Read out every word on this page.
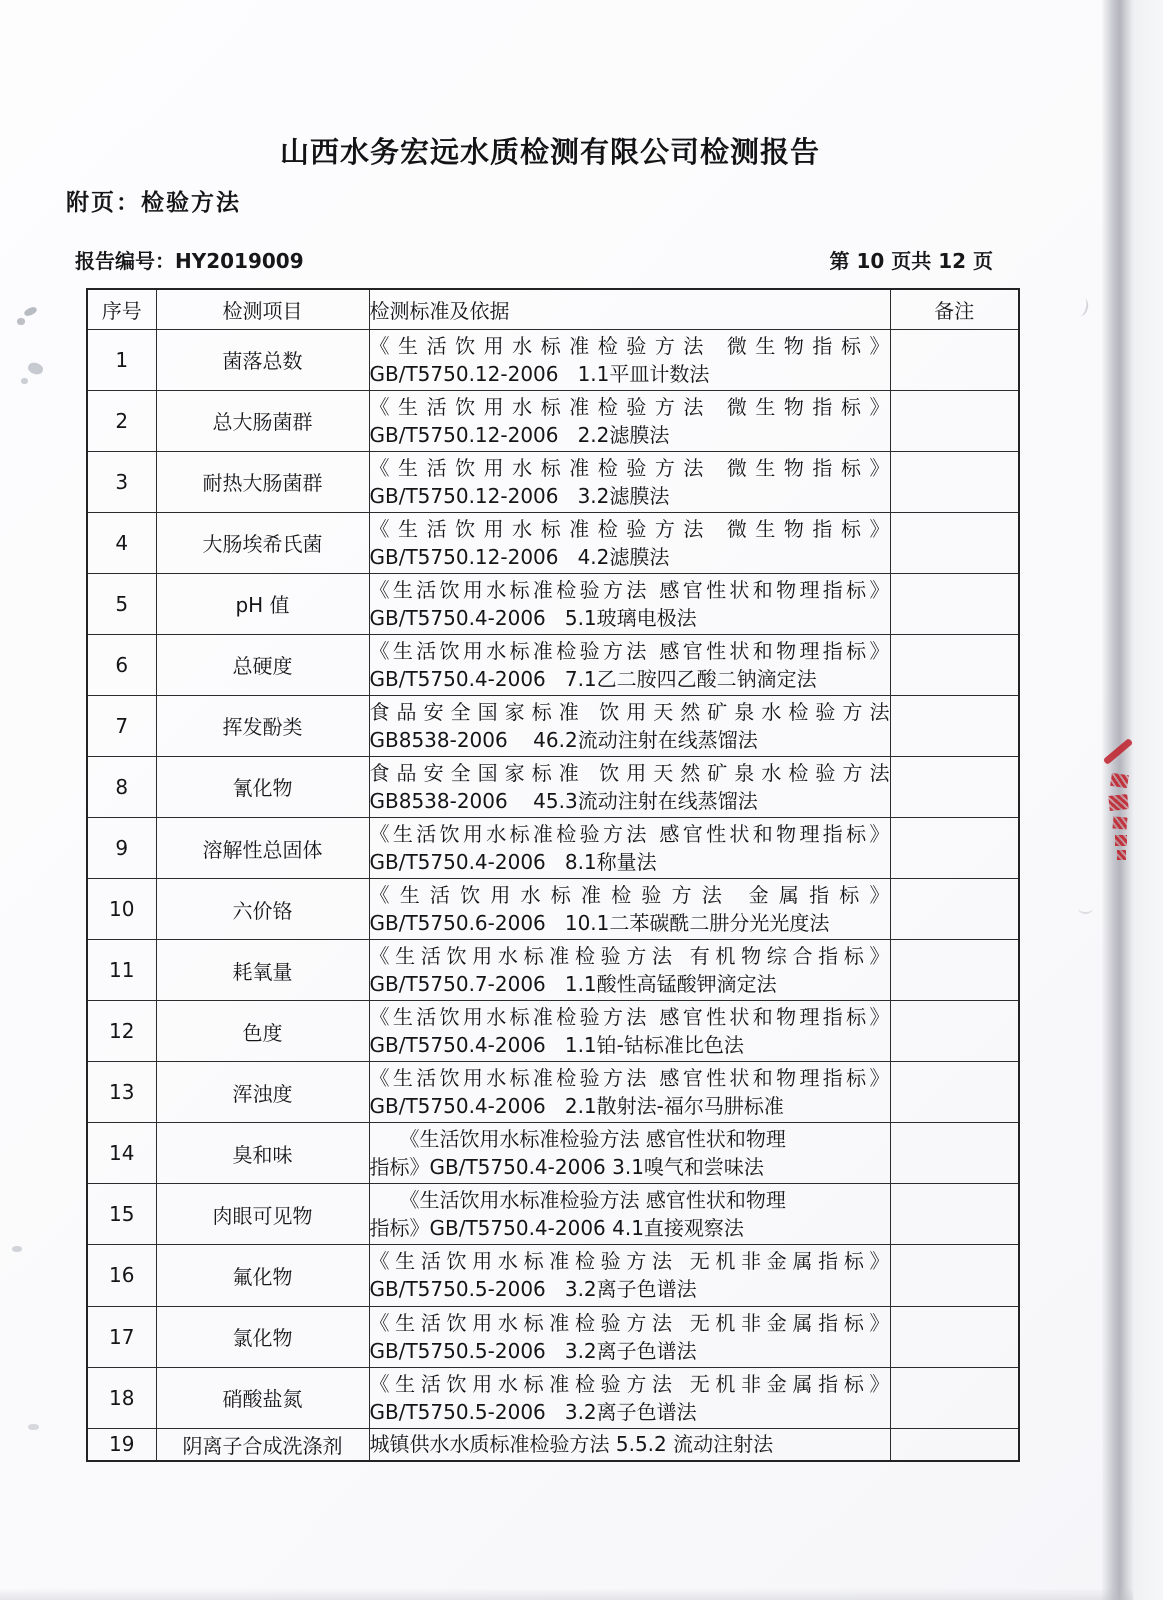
山西水务宏远水质检测有限公司检测报告
附页：检验方法
报告编号：HY2019009	第 10 页共 12 页
序号	检测项目	检测标准及依据	备注
1	菌落总数	《生活饮用水标准检验方法 微生物指标》
GB/T5750.12-2006   1.1平皿计数法	

2	总大肠菌群	《生活饮用水标准检验方法 微生物指标》
GB/T5750.12-2006   2.2滤膜法	

3	耐热大肠菌群	《生活饮用水标准检验方法 微生物指标》
GB/T5750.12-2006   3.2滤膜法	

4	大肠埃希氏菌	《生活饮用水标准检验方法 微生物指标》
GB/T5750.12-2006   4.2滤膜法	

5	pH 值	《生活饮用水标准检验方法 感官性状和物理指标》
GB/T5750.4-2006   5.1玻璃电极法	

6	总硬度	《生活饮用水标准检验方法 感官性状和物理指标》
GB/T5750.4-2006   7.1乙二胺四乙酸二钠滴定法	

7	挥发酚类	食品安全国家标准 饮用天然矿泉水检验方法
GB8538-2006    46.2流动注射在线蒸馏法	

8	氰化物	食品安全国家标准 饮用天然矿泉水检验方法
GB8538-2006    45.3流动注射在线蒸馏法	

9	溶解性总固体	《生活饮用水标准检验方法 感官性状和物理指标》
GB/T5750.4-2006   8.1称量法	

10	六价铬	《生活饮用水标准检验方法 金属指标》
GB/T5750.6-2006   10.1二苯碳酰二肼分光光度法	

11	耗氧量	《生活饮用水标准检验方法 有机物综合指标》
GB/T5750.7-2006   1.1酸性高锰酸钾滴定法	

12	色度	《生活饮用水标准检验方法 感官性状和物理指标》
GB/T5750.4-2006   1.1铂-钴标准比色法	

13	浑浊度	《生活饮用水标准检验方法 感官性状和物理指标》
GB/T5750.4-2006   2.1散射法-福尔马肼标准	

14	臭和味	　　《生活饮用水标准检验方法 感官性状和物理
指标》GB/T5750.4-2006 3.1嗅气和尝味法	

15	肉眼可见物	　　《生活饮用水标准检验方法 感官性状和物理
指标》GB/T5750.4-2006 4.1直接观察法	

16	氟化物	《生活饮用水标准检验方法 无机非金属指标》
GB/T5750.5-2006   3.2离子色谱法	

17	氯化物	《生活饮用水标准检验方法 无机非金属指标》
GB/T5750.5-2006   3.2离子色谱法	

18	硝酸盐氮	《生活饮用水标准检验方法 无机非金属指标》
GB/T5750.5-2006   3.2离子色谱法	

19	阴离子合成洗涤剂	城镇供水水质标准检验方法 5.5.2 流动注射法	
